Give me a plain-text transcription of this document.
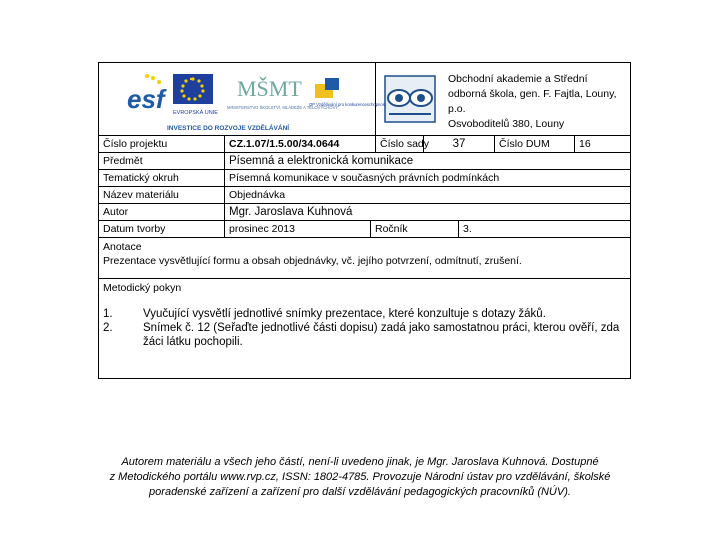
esf	EVROPSKÁ UNIE
MŠMT
MINISTERSTVO ŠKOLSTVÍ, MLÁDEŽE A TĚLOVÝCHOVY
OP Vzdělávání pro konkurenceschopnost
INVESTICE DO ROZVOJE VZDĚLÁVÁNÍ
Obchodní akademie a Střední
odborná škola, gen. F. Fajtla, Louny,
p.o.
Osvoboditelů 380, Louny
Číslo projektu	CZ.1.07/1.5.00/34.0644	Číslo sady	37	Číslo DUM	16
Předmět	Písemná a elektronická komunikace
Tematický okruh	Písemná komunikace v současných právních podmínkách
Název materiálu	Objednávka
Autor	Mgr. Jaroslava Kuhnová
Datum tvorby	prosinec 2013	Ročník	3.
Anotace
Prezentace vysvětlující formu a obsah objednávky, vč. jejího potvrzení, odmítnutí, zrušení.
Metodický pokyn
1.	Vyučující vysvětlí jednotlivé snímky prezentace, které konzultuje s dotazy žáků.
2.	Snímek č. 12 (Seřaďte jednotlivé části dopisu) zadá jako samostatnou práci, kterou ověří, zda žáci látku pochopili.
Autorem materiálu a všech jeho částí, není-li uvedeno jinak, je Mgr. Jaroslava Kuhnová. Dostupné
z Metodického portálu www.rvp.cz, ISSN: 1802-4785. Provozuje Národní ústav pro vzdělávání, školské
poradenské zařízení a zařízení pro další vzdělávání pedagogických pracovníků (NÚV).
